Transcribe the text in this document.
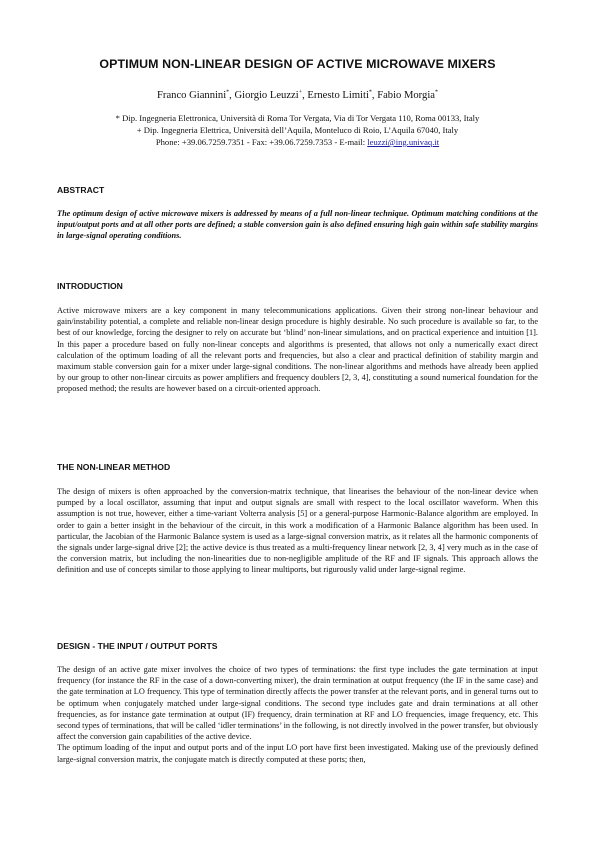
OPTIMUM NON-LINEAR DESIGN OF ACTIVE MICROWAVE MIXERS
Franco Giannini*, Giorgio Leuzzi+, Ernesto Limiti*, Fabio Morgia*
* Dip. Ingegneria Elettronica, Università di Roma Tor Vergata, Via di Tor Vergata 110, Roma 00133, Italy
+ Dip. Ingegneria Elettrica, Università dell’Aquila, Monteluco di Roio, L’Aquila 67040, Italy
Phone: +39.06.7259.7351 - Fax: +39.06.7259.7353 - E-mail: leuzzi@ing.univaq.it
ABSTRACT

The optimum design of active microwave mixers is addressed by means of a full non-linear technique. Optimum matching conditions at the input/output ports and at all other ports are defined; a stable conversion gain is also defined ensuring high gain within safe stability margins in large-signal operating conditions.

INTRODUCTION

Active microwave mixers are a key component in many telecommunications applications. Given their strong non-linear behaviour and gain/instability potential, a complete and reliable non-linear design procedure is highly desirable. No such procedure is available so far, to the best of our knowledge, forcing the designer to rely on accurate but ‘blind’ non-linear simulations, and on practical experience and intuition [1]. In this paper a procedure based on fully non-linear concepts and algorithms is presented, that allows not only a numerically exact direct calculation of the optimum loading of all the relevant ports and frequencies, but also a clear and practical definition of stability margin and maximum stable conversion gain for a mixer under large-signal conditions. The non-linear algorithms and methods have already been applied by our group to other non-linear circuits as power amplifiers and frequency doublers [2, 3, 4], constituting a sound numerical foundation for the proposed method; the results are however based on a circuit-oriented approach.

THE NON-LINEAR METHOD

The design of mixers is often approached by the conversion-matrix technique, that linearises the behaviour of the non-linear device when pumped by a local oscillator, assuming that input and output signals are small with respect to the local oscillator waveform. When this assumption is not true, however, either a time-variant Volterra analysis [5] or a general-purpose Harmonic-Balance algorithm are employed. In order to gain a better insight in the behaviour of the circuit, in this work a modification of a Harmonic Balance algorithm has been used. In particular, the Jacobian of the Harmonic Balance system is used as a large-signal conversion matrix, as it relates all the harmonic components of the signals under large-signal drive [2]; the active device is thus treated as a multi-frequency linear network [2, 3, 4] very much as in the case of the conversion matrix, but including the non-linearities due to non-negligible amplitude of the RF and IF signals. This approach allows the definition and use of concepts similar to those applying to linear multiports, but rigurously valid under large-signal regime.

DESIGN - THE INPUT / OUTPUT PORTS

The design of an active gate mixer involves the choice of two types of terminations: the first type includes the gate termination at input frequency (for instance the RF in the case of a down-converting mixer), the drain termination at output frequency (the IF in the same case) and the gate termination at LO frequency. This type of termination directly affects the power transfer at the relevant ports, and in general turns out to be optimum when conjugately matched under large-signal conditions. The second type includes gate and drain terminations at all other frequencies, as for instance gate termination at output (IF) frequency, drain termination at RF and LO frequencies, image frequency, etc. This second types of terminations, that will be called ‘idler terminations’ in the following, is not directly involved in the power transfer, but obviously affect the conversion gain capabilities of the active device.

The optimum loading of the input and output ports and of the input LO port have first been investigated. Making use of the previously defined large-signal conversion matrix, the conjugate match is directly computed at these ports; then,
